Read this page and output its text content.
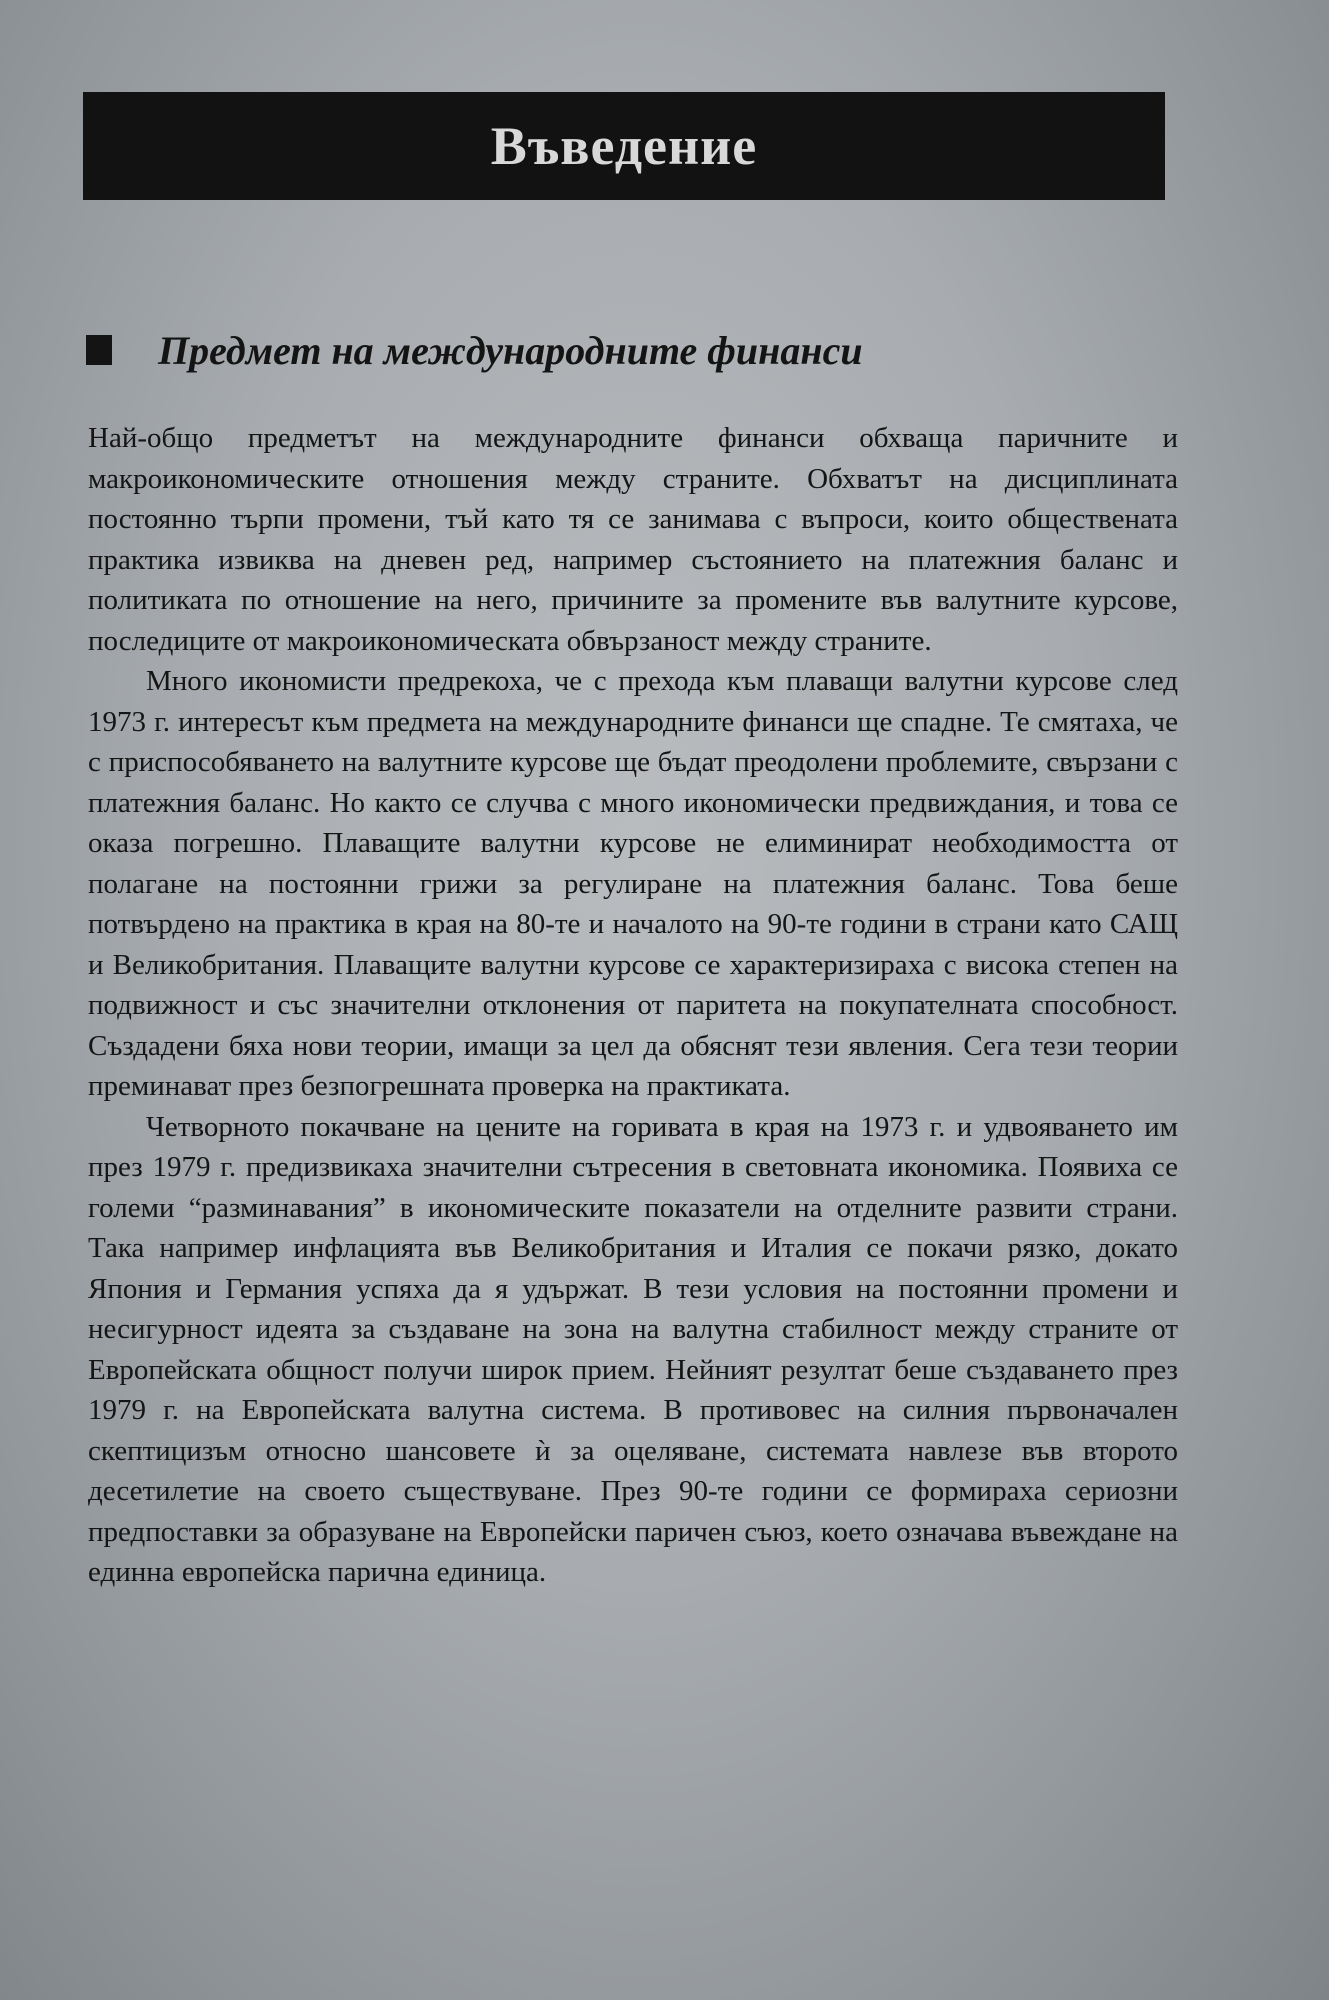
Въведение
Предмет на международните финанси

Най-общо предметът на международните финанси обхваща паричните и макроикономическите отношения между страните. Обхватът на дисциплината постоянно търпи промени, тъй като тя се занимава с въпроси, които обществената практика извиква на дневен ред, например състоянието на платежния баланс и политиката по отношение на него, причините за промените във валутните курсове, последиците от макроикономическата обвързаност между страните.

Много икономисти предрекоха, че с прехода към плаващи валутни курсове след 1973 г. интересът към предмета на международните финанси ще спадне. Те смятаха, че с приспособяването на валутните курсове ще бъдат преодолени проблемите, свързани с платежния баланс. Но както се случва с много икономически предвиждания, и това се оказа погрешно. Плаващите валутни курсове не елиминират необходимостта от полагане на постоянни грижи за регулиране на платежния баланс. Това беше потвърдено на практика в края на 80-те и началото на 90-те години в страни като САЩ и Великобритания. Плаващите валутни курсове се характеризираха с висока степен на подвижност и със значителни отклонения от паритета на покупателната способност. Създадени бяха нови теории, имащи за цел да обяснят тези явления. Сега тези теории преминават през безпогрешната проверка на практиката.

Четворното покачване на цените на горивата в края на 1973 г. и удвояването им през 1979 г. предизвикаха значителни сътресения в световната икономика. Появиха се големи “разминавания” в икономическите показатели на отделните развити страни. Така например инфлацията във Великобритания и Италия се покачи рязко, докато Япония и Германия успяха да я удържат. В тези условия на постоянни промени и несигурност идеята за създаване на зона на валутна стабилност между страните от Европейската общност получи широк прием. Нейният резултат беше създаването през 1979 г. на Европейската валутна система. В противовес на силния първоначален скептицизъм относно шансовете ѝ за оцеляване, системата навлезе във второто десетилетие на своето съществуване. През 90-те години се формираха сериозни предпоставки за образуване на Европейски паричен съюз, което означава въвеждане на единна европейска парична единица.
